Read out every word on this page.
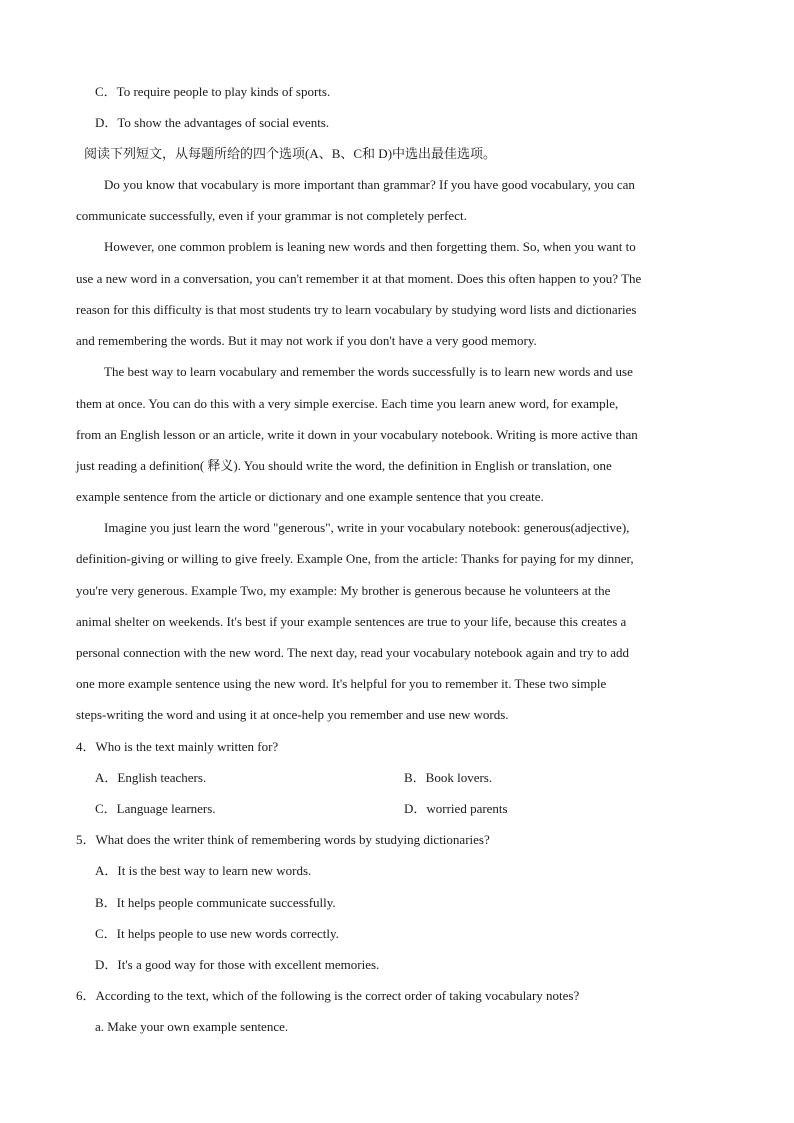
C．To require people to play kinds of sports.
D．To show the advantages of social events.
阅读下列短文，从每题所给的四个选项(A、B、C和 D)中选出最佳选项。
Do you know that vocabulary is more important than grammar? If you have good vocabulary, you can
communicate successfully, even if your grammar is not completely perfect.
However, one common problem is leaning new words and then forgetting them. So, when you want to
use a new word in a conversation, you can't remember it at that moment. Does this often happen to you? The
reason for this difficulty is that most students try to learn vocabulary by studying word lists and dictionaries
and remembering the words. But it may not work if you don't have a very good memory.
The best way to learn vocabulary and remember the words successfully is to learn new words and use
them at once. You can do this with a very simple exercise. Each time you learn anew word, for example,
from an English lesson or an article, write it down in your vocabulary notebook. Writing is more active than
just reading a definition( 释义). You should write the word, the definition in English or translation, one
example sentence from the article or dictionary and one example sentence that you create.
Imagine you just learn the word "generous", write in your vocabulary notebook: generous(adjective),
definition-giving or willing to give freely. Example One, from the article: Thanks for paying for my dinner,
you're very generous. Example Two, my example: My brother is generous because he volunteers at the
animal shelter on weekends. It's best if your example sentences are true to your life, because this creates a
personal connection with the new word. The next day, read your vocabulary notebook again and try to add
one more example sentence using the new word. It's helpful for you to remember it. These two simple
steps-writing the word and using it at once-help you remember and use new words.
4．Who is the text mainly written for?
A．English teachers.	B．Book lovers.
C．Language learners.	D．worried parents
5．What does the writer think of remembering words by studying dictionaries?
A．It is the best way to learn new words.
B．It helps people communicate successfully.
C．It helps people to use new words correctly.
D．It's a good way for those with excellent memories.
6．According to the text, which of the following is the correct order of taking vocabulary notes?
a. Make your own example sentence.
